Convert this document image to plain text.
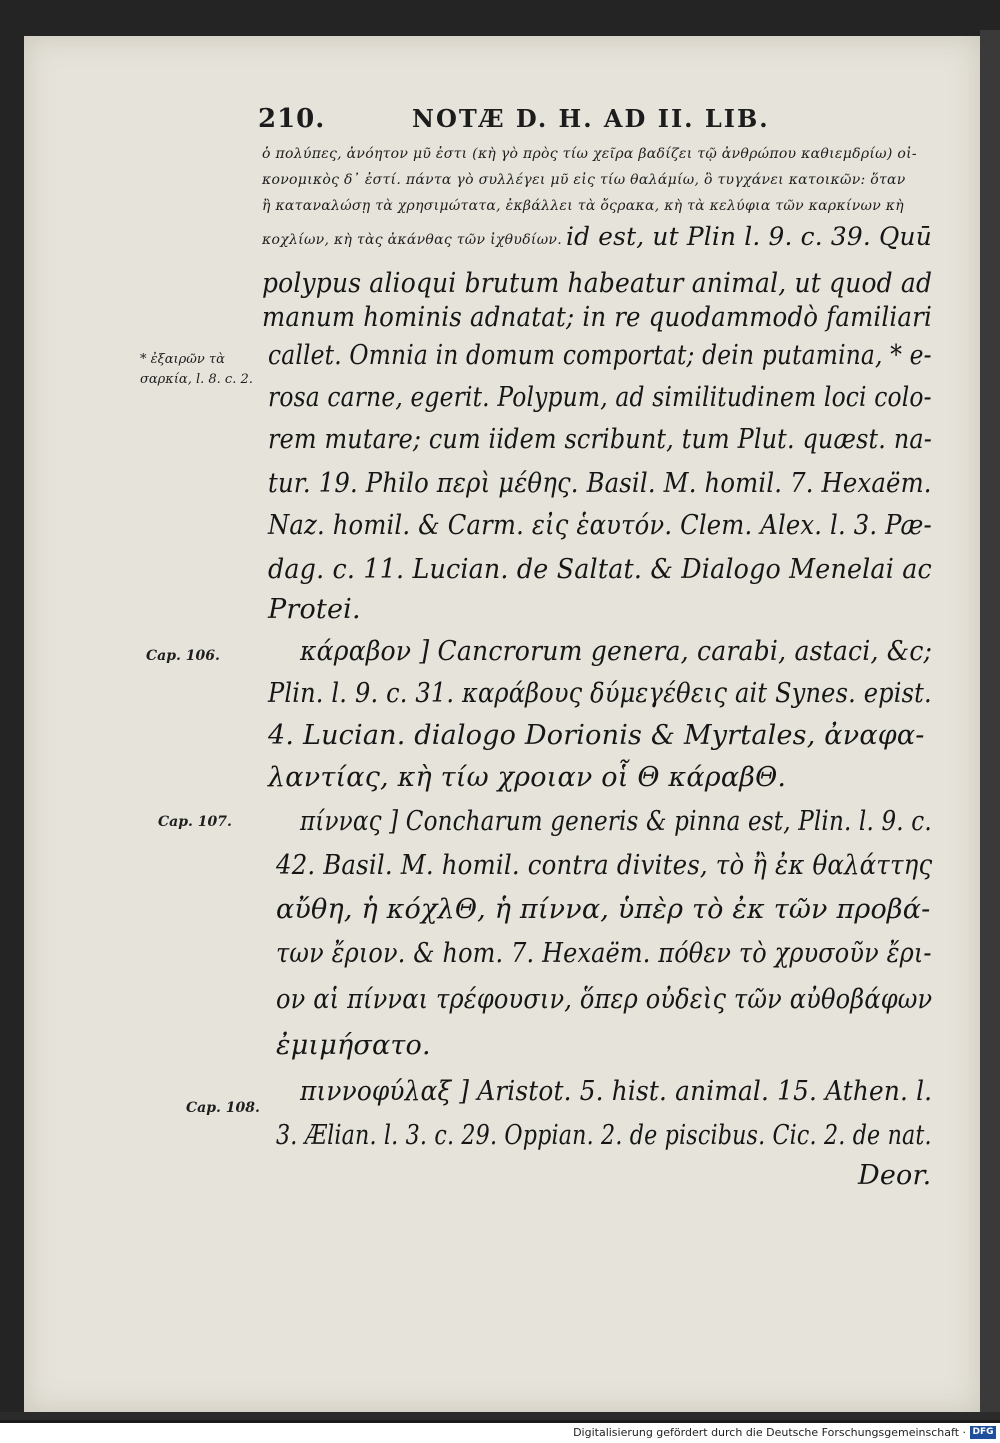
210.	NOTÆ D. H. AD II. LIB.
ὁ πολύπες, ἀνόητον μῦ ἐστι (κὴ γὸ πρὸς τίω χεῖρα βαδίζει τῷ ἀνθρώπου καθιεμδρίω) οἰ-
κονομικὸς δ᾽ ἐστί. πάντα γὸ συλλέγει μῦ εἰς τίω θαλάμίω, ὃ τυγχάνει κατοικῶν: ὅταν
ἢ καταναλώσῃ τὰ χρησιμώτατα, ἐκβάλλει τὰ ὄςρακα, κὴ τὰ κελύφια τῶν καρκίνων κὴ
κοχλίων, κὴ τὰς ἀκάνθας τῶν ἰχθυδίων. id est, ut Plin l. 9. c. 39. Quū
polypus alioqui brutum habeatur animal, ut quod ad
manum hominis adnatat; in re quodammodò familiari
callet. Omnia in domum comportat; dein putamina, * e-
rosa carne, egerit. Polypum, ad similitudinem loci colo-
rem mutare; cum iidem scribunt, tum Plut. quæst. na-
tur. 19. Philo περὶ μέθης. Basil. M. homil. 7. Hexaëm.
Naz. homil. & Carm. εἰς ἑαυτόν. Clem. Alex. l. 3. Pæ-
dag. c. 11. Lucian. de Saltat. & Dialogo Menelai ac
Protei.
κάραβον ] Cancrorum genera, carabi, astaci, &c;
Plin. l. 9. c. 31. καράβους δύμεγέθεις ait Synes. epist.
4. Lucian. dialogo Dorionis & Myrtales, ἀναφα-
λαντίας, κὴ τίω χροιαν οἷ Θ κάραβΘ.
πίννας ] Concharum generis & pinna est, Plin. l. 9. c.
42. Basil. M. homil. contra divites, τὸ ἢ ἐκ θαλάττης
αὔθη, ἡ κόχλΘ, ἡ πίννα, ὑπὲρ τὸ ἐκ τῶν προβά-
των ἔριον. & hom. 7. Hexaëm. πόθεν τὸ χρυσοῦν ἔρι-
ον αἱ πίνναι τρέφουσιν, ὅπερ οὐδεὶς τῶν αὐθοβάφων
ἐμιμήσατο.
πιννοφύλαξ ] Aristot. 5. hist. animal. 15. Athen. l.
3. Ælian. l. 3. c. 29. Oppian. 2. de piscibus. Cic. 2. de nat.
Deor.
* ἐξαιρῶν τὰ
σαρκία, l. 8. c. 2.
Cap. 106.
Cap. 107.
Cap. 108.
Digitalisierung gefördert durch die Deutsche Forschungsgemeinschaft · DFG
